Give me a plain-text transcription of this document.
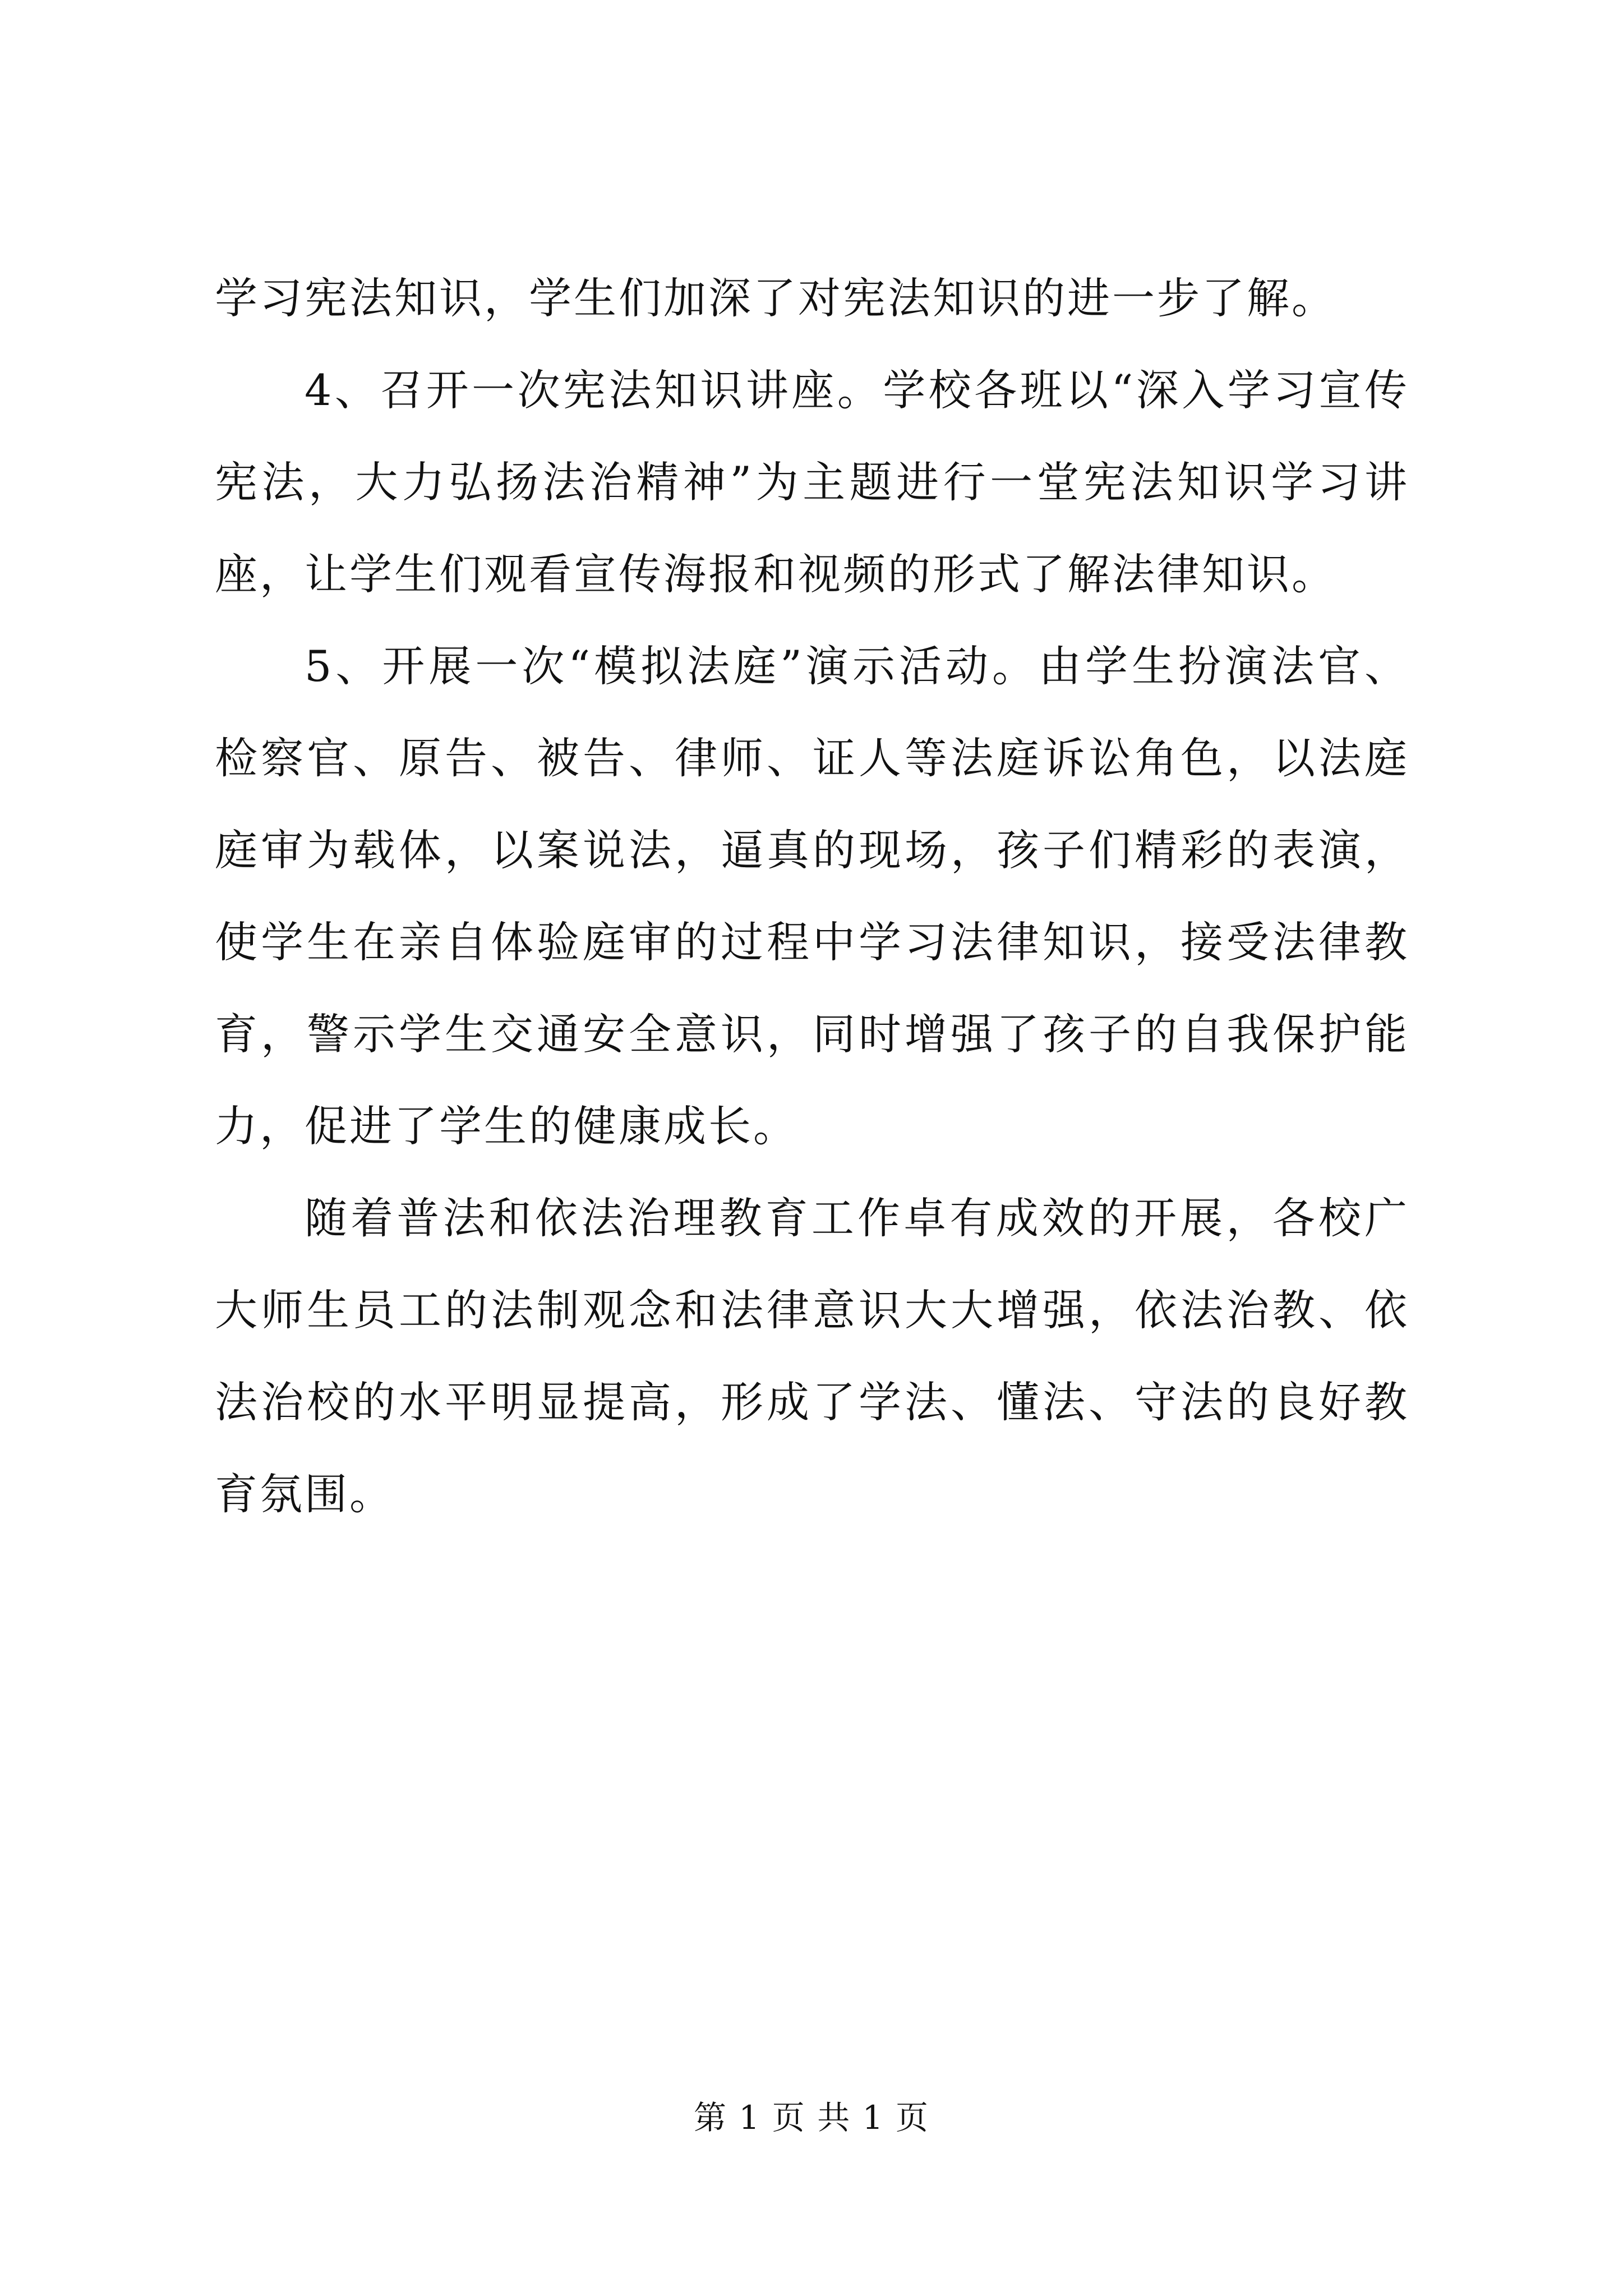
学习宪法知识，学生们加深了对宪法知识的进一步了解。

4、召开一次宪法知识讲座。学校各班以“深入学习宣传宪法，大力弘扬法治精神”为主题进行一堂宪法知识学习讲座，让学生们观看宣传海报和视频的形式了解法律知识。

5、开展一次“模拟法庭”演示活动。由学生扮演法官、检察官、原告、被告、律师、证人等法庭诉讼角色，以法庭庭审为载体，以案说法，逼真的现场，孩子们精彩的表演，使学生在亲自体验庭审的过程中学习法律知识，接受法律教育，警示学生交通安全意识，同时增强了孩子的自我保护能力，促进了学生的健康成长。

随着普法和依法治理教育工作卓有成效的开展，各校广大师生员工的法制观念和法律意识大大增强，依法治教、依法治校的水平明显提高，形成了学法、懂法、守法的良好教育氛围。

第 1 页 共 1 页
